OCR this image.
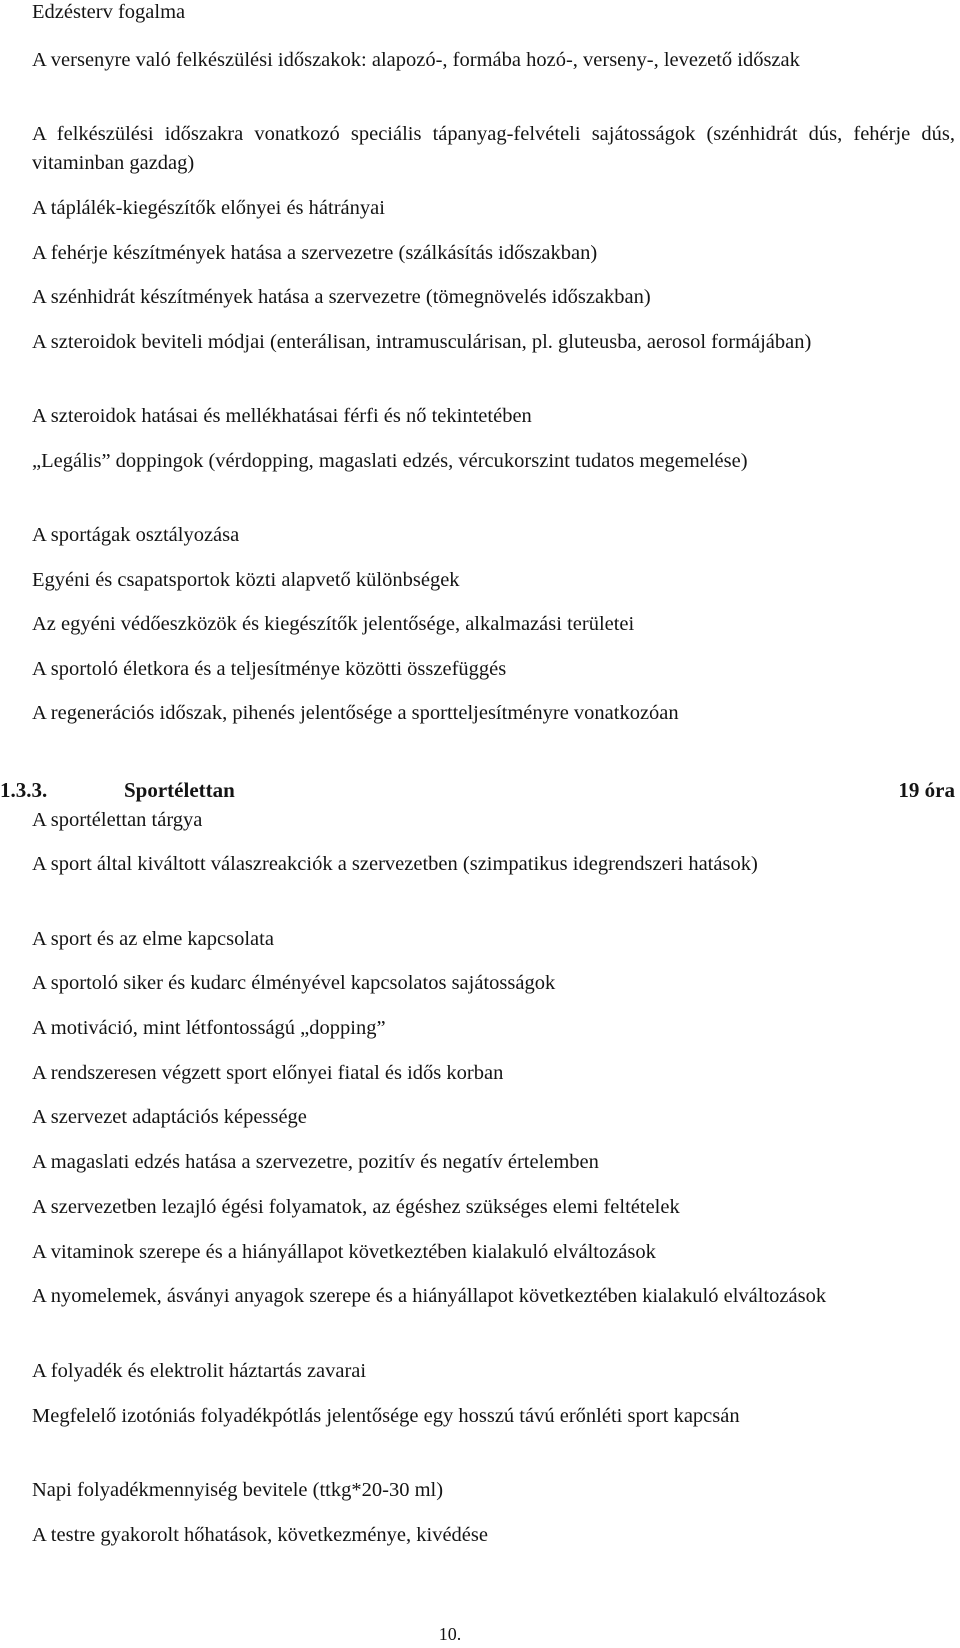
Edzésterv fogalma

A versenyre való felkészülési időszakok: alapozó-, formába hozó-, verseny-, levezető időszak

A felkészülési időszakra vonatkozó speciális tápanyag-felvételi sajátosságok (szénhidrát dús, fehérje dús, vitaminban gazdag)

A táplálék-kiegészítők előnyei és hátrányai

A fehérje készítmények hatása a szervezetre (szálkásítás időszakban)

A szénhidrát készítmények hatása a szervezetre (tömegnövelés időszakban)

A szteroidok beviteli módjai (enterálisan, intramusculárisan, pl. gluteusba, aerosol formájában)

A szteroidok hatásai és mellékhatásai férfi és nő tekintetében

„Legális” doppingok (vérdopping, magaslati edzés, vércukorszint tudatos megemelése)

A sportágak osztályozása

Egyéni és csapatsportok közti alapvető különbségek

Az egyéni védőeszközök és kiegészítők jelentősége, alkalmazási területei

A sportoló életkora és a teljesítménye közötti összefüggés

A regenerációs időszak, pihenés jelentősége a sportteljesítményre vonatkozóan

1.3.3.	Sportélettan	19 óra

A sportélettan tárgya

A sport által kiváltott válaszreakciók a szervezetben (szimpatikus idegrendszeri hatások)

A sport és az elme kapcsolata

A sportoló siker és kudarc élményével kapcsolatos sajátosságok

A motiváció, mint létfontosságú „dopping”

A rendszeresen végzett sport előnyei fiatal és idős korban

A szervezet adaptációs képessége

A magaslati edzés hatása a szervezetre, pozitív és negatív értelemben

A szervezetben lezajló égési folyamatok, az égéshez szükséges elemi feltételek

A vitaminok szerepe és a hiányállapot következtében kialakuló elváltozások

A nyomelemek, ásványi anyagok szerepe és a hiányállapot következtében kialakuló elváltozások

A folyadék és elektrolit háztartás zavarai

Megfelelő izotóniás folyadékpótlás jelentősége egy hosszú távú erőnléti sport kapcsán

Napi folyadékmennyiség bevitele (ttkg*20-30 ml)

A testre gyakorolt hőhatások, következménye, kivédése

10.
